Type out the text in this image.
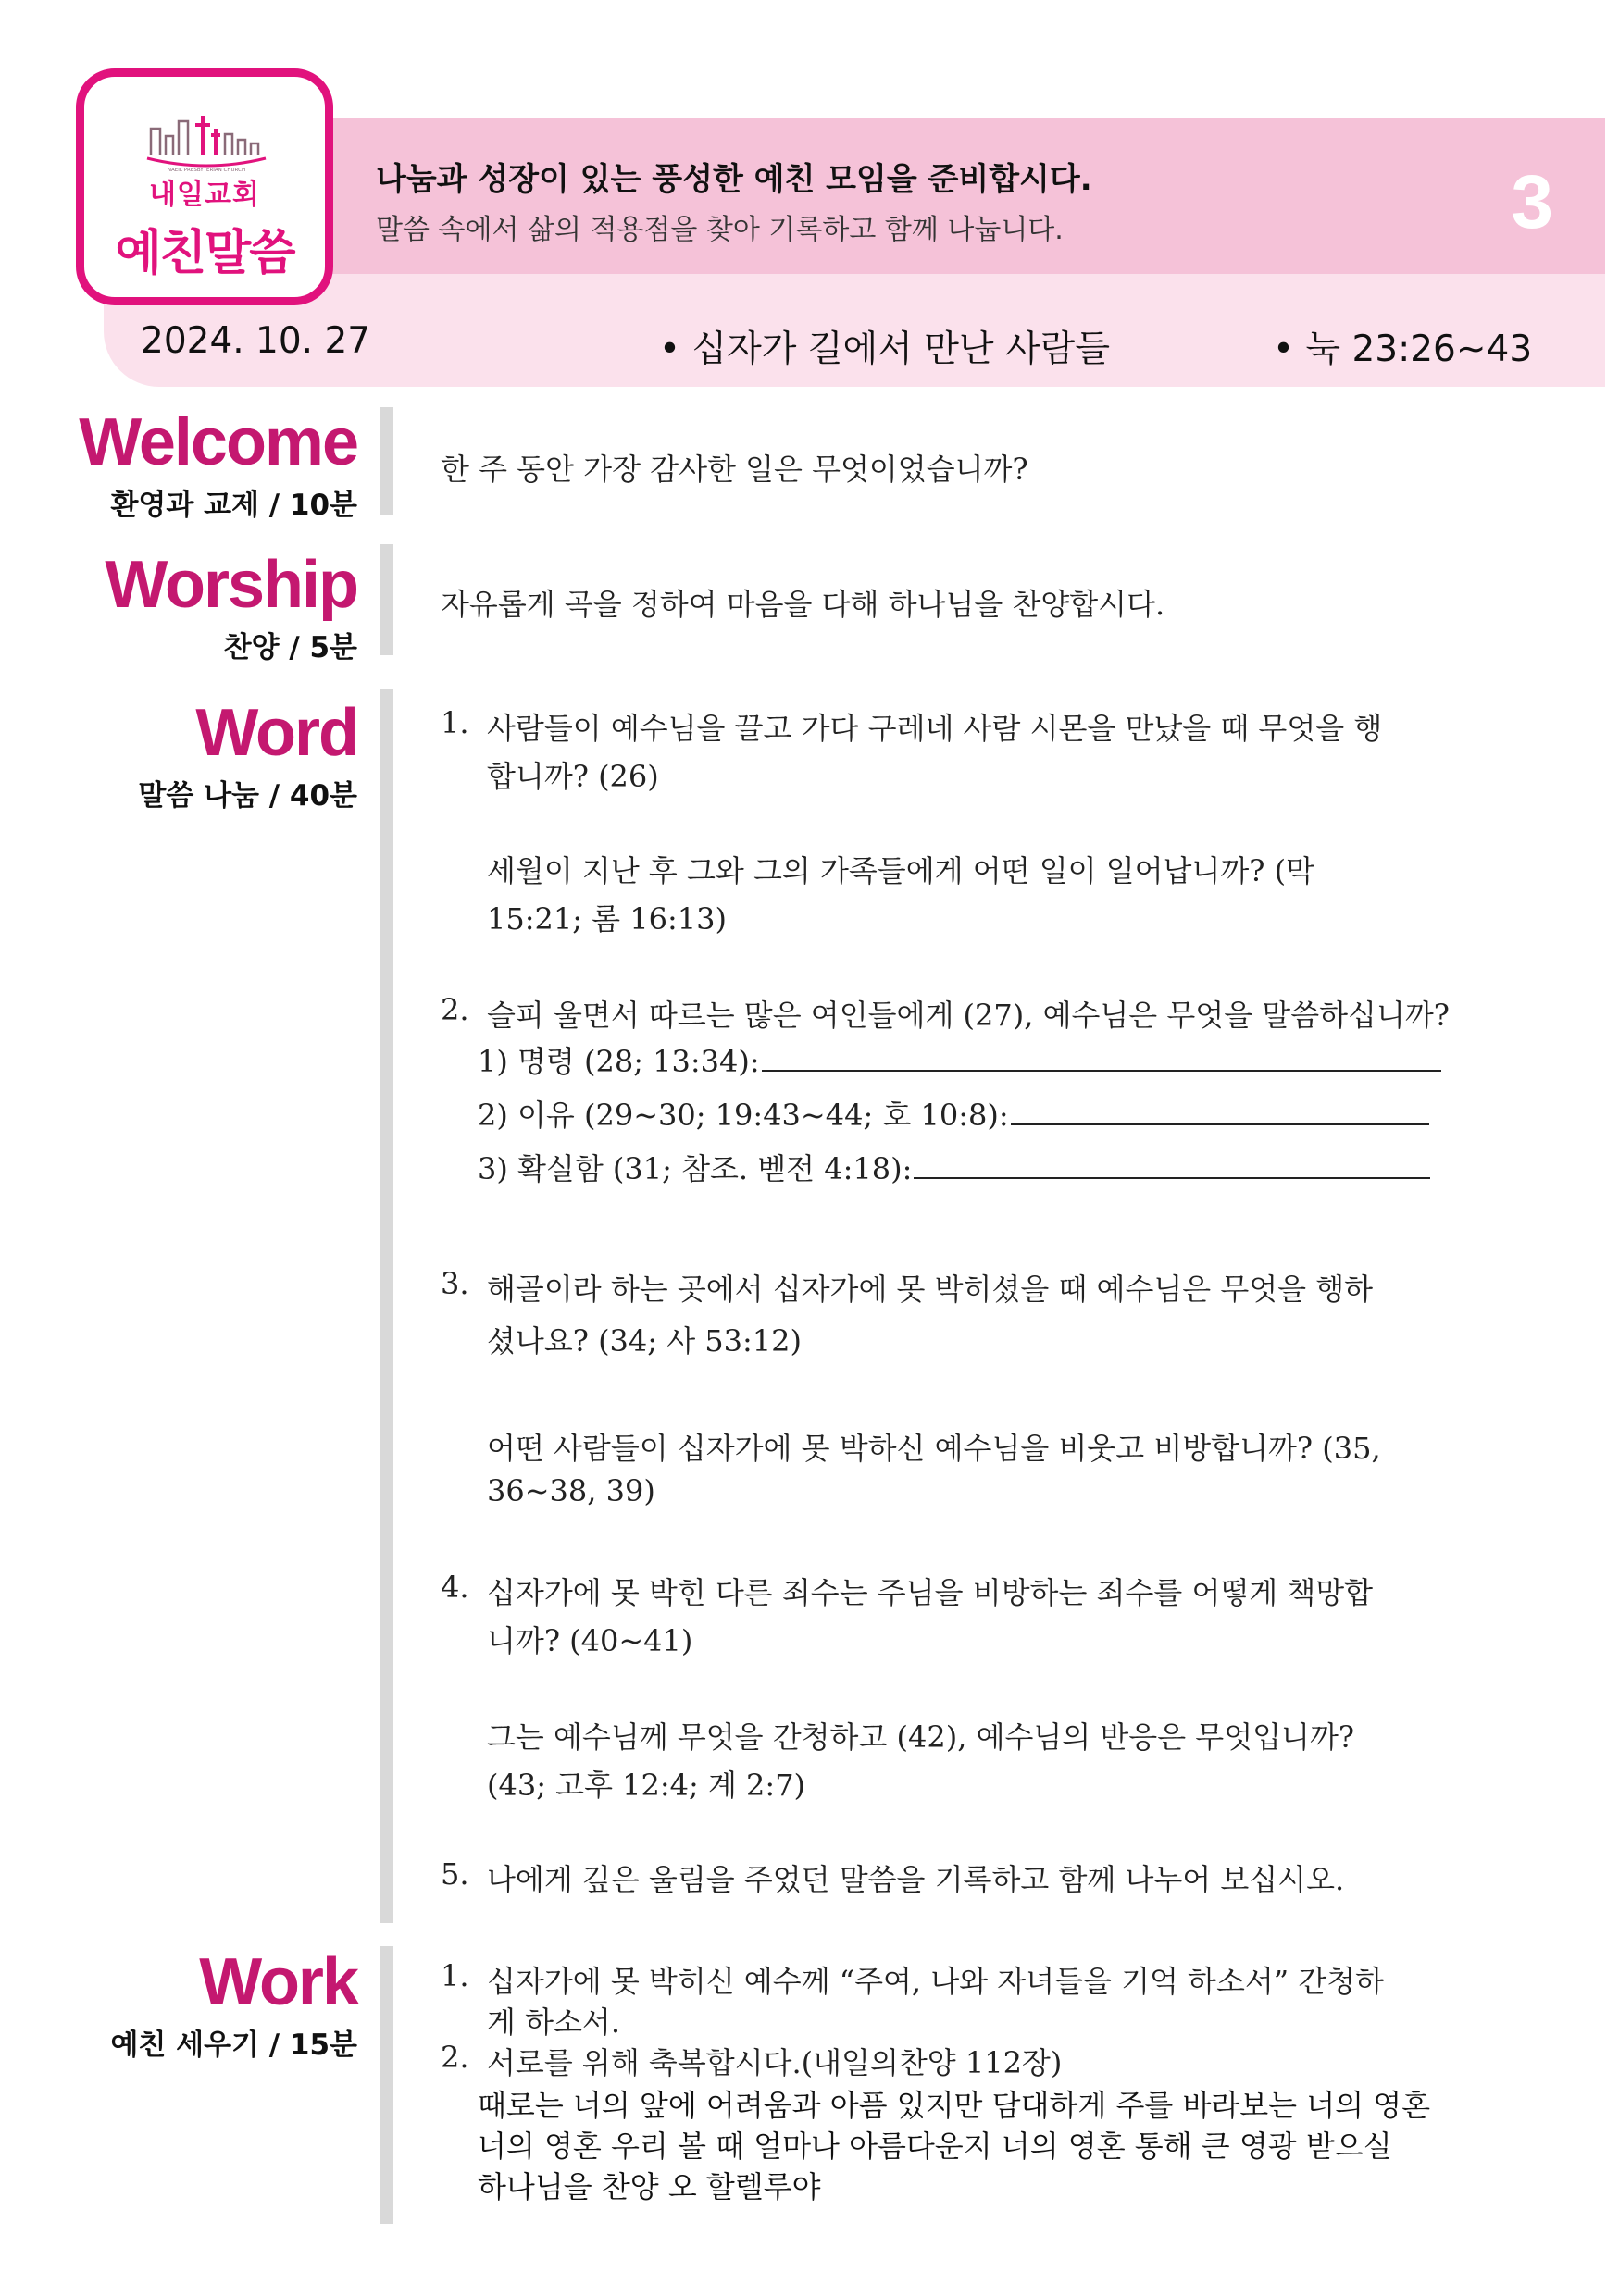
나눔과 성장이 있는 풍성한 예친 모임을 준비합시다.
말씀 속에서 삶의 적용점을 찾아 기록하고 함께 나눕니다.	3
NAEIL PRESBYTERIAN CHURCH
내일교회
예친말씀
2024. 10. 27	• 십자가 길에서 만난 사람들	• 눅 23:26~43
Welcome
환영과 교제 / 10분
한 주 동안 가장 감사한 일은 무엇이었습니까?
Worship
찬양 / 5분
자유롭게 곡을 정하여 마음을 다해 하나님을 찬양합시다.
Word
말씀 나눔 / 40분
1. 사람들이 예수님을 끌고 가다 구레네 사람 시몬을 만났을 때 무엇을 행
합니까? (26)
세월이 지난 후 그와 그의 가족들에게 어떤 일이 일어납니까? (막
15:21; 롬 16:13)
2. 슬피 울면서 따르는 많은 여인들에게 (27), 예수님은 무엇을 말씀하십니까?
1) 명령 (28; 13:34):
2) 이유 (29~30; 19:43~44; 호 10:8):
3) 확실함 (31; 참조. 벧전 4:18):
3. 해골이라 하는 곳에서 십자가에 못 박히셨을 때 예수님은 무엇을 행하
셨나요? (34; 사 53:12)
어떤 사람들이 십자가에 못 박하신 예수님을 비웃고 비방합니까? (35,
36~38, 39)
4. 십자가에 못 박힌 다른 죄수는 주님을 비방하는 죄수를 어떻게 책망합
니까? (40~41)
그는 예수님께 무엇을 간청하고 (42), 예수님의 반응은 무엇입니까?
(43; 고후 12:4; 계 2:7)
5. 나에게 깊은 울림을 주었던 말씀을 기록하고 함께 나누어 보십시오.
Work
예친 세우기 / 15분
1. 십자가에 못 박히신 예수께 “주여, 나와 자녀들을 기억 하소서” 간청하
게 하소서.
2. 서로를 위해 축복합시다.(내일의찬양 112장)
때로는 너의 앞에 어려움과 아픔 있지만 담대하게 주를 바라보는 너의 영혼
너의 영혼 우리 볼 때 얼마나 아름다운지 너의 영혼 통해 큰 영광 받으실
하나님을 찬양 오 할렐루야
